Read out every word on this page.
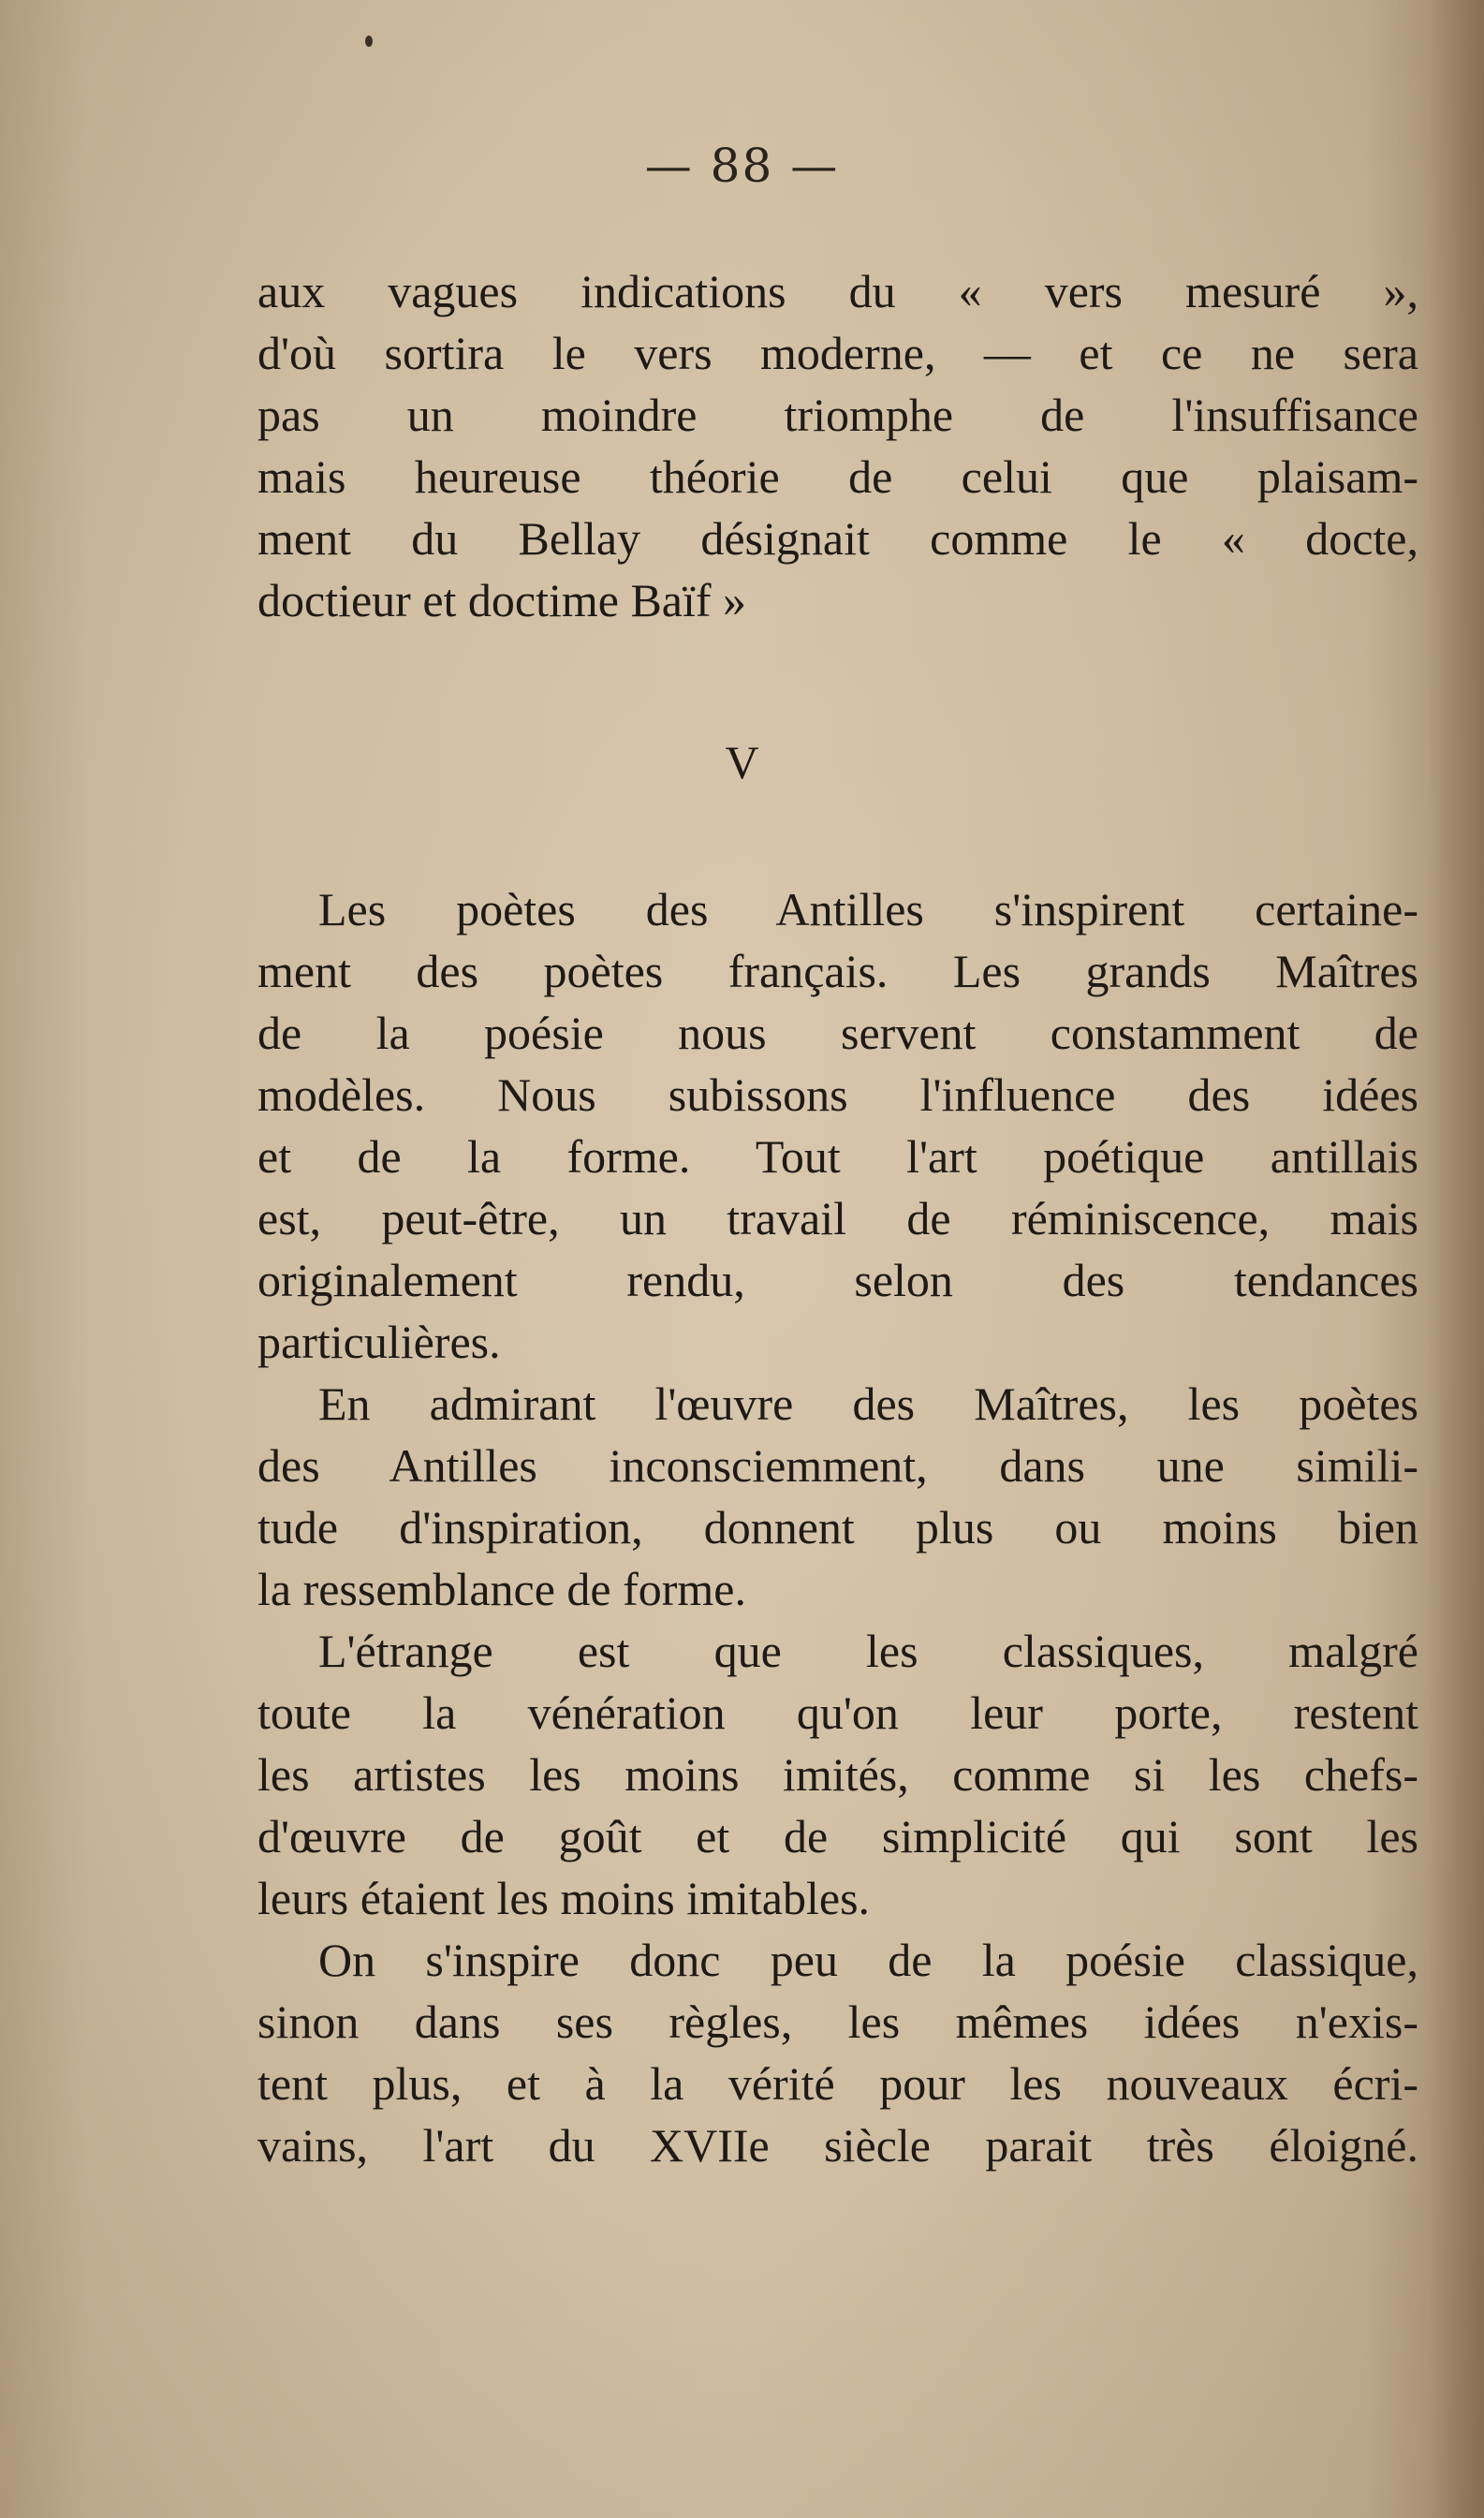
— 88 —
aux vagues indications du « vers mesuré »,
d'où sortira le vers moderne, — et ce ne sera
pas un moindre triomphe de l'insuffisance
mais heureuse théorie de celui que plaisam-
ment du Bellay désignait comme le « docte,
doctieur et doctime Baïf »
V
Les poètes des Antilles s'inspirent certaine-
ment des poètes français. Les grands Maîtres
de la poésie nous servent constamment de
modèles. Nous subissons l'influence des idées
et de la forme. Tout l'art poétique antillais
est, peut-être, un travail de réminiscence, mais
originalement rendu, selon des tendances
particulières.
En admirant l'œuvre des Maîtres, les poètes
des Antilles inconsciemment, dans une simili-
tude d'inspiration, donnent plus ou moins bien
la ressemblance de forme.
L'étrange est que les classiques, malgré
toute la vénération qu'on leur porte, restent
les artistes les moins imités, comme si les chefs-
d'œuvre de goût et de simplicité qui sont les
leurs étaient les moins imitables.
On s'inspire donc peu de la poésie classique,
sinon dans ses règles, les mêmes idées n'exis-
tent plus, et à la vérité pour les nouveaux écri-
vains, l'art du XVIIe siècle parait très éloigné.
